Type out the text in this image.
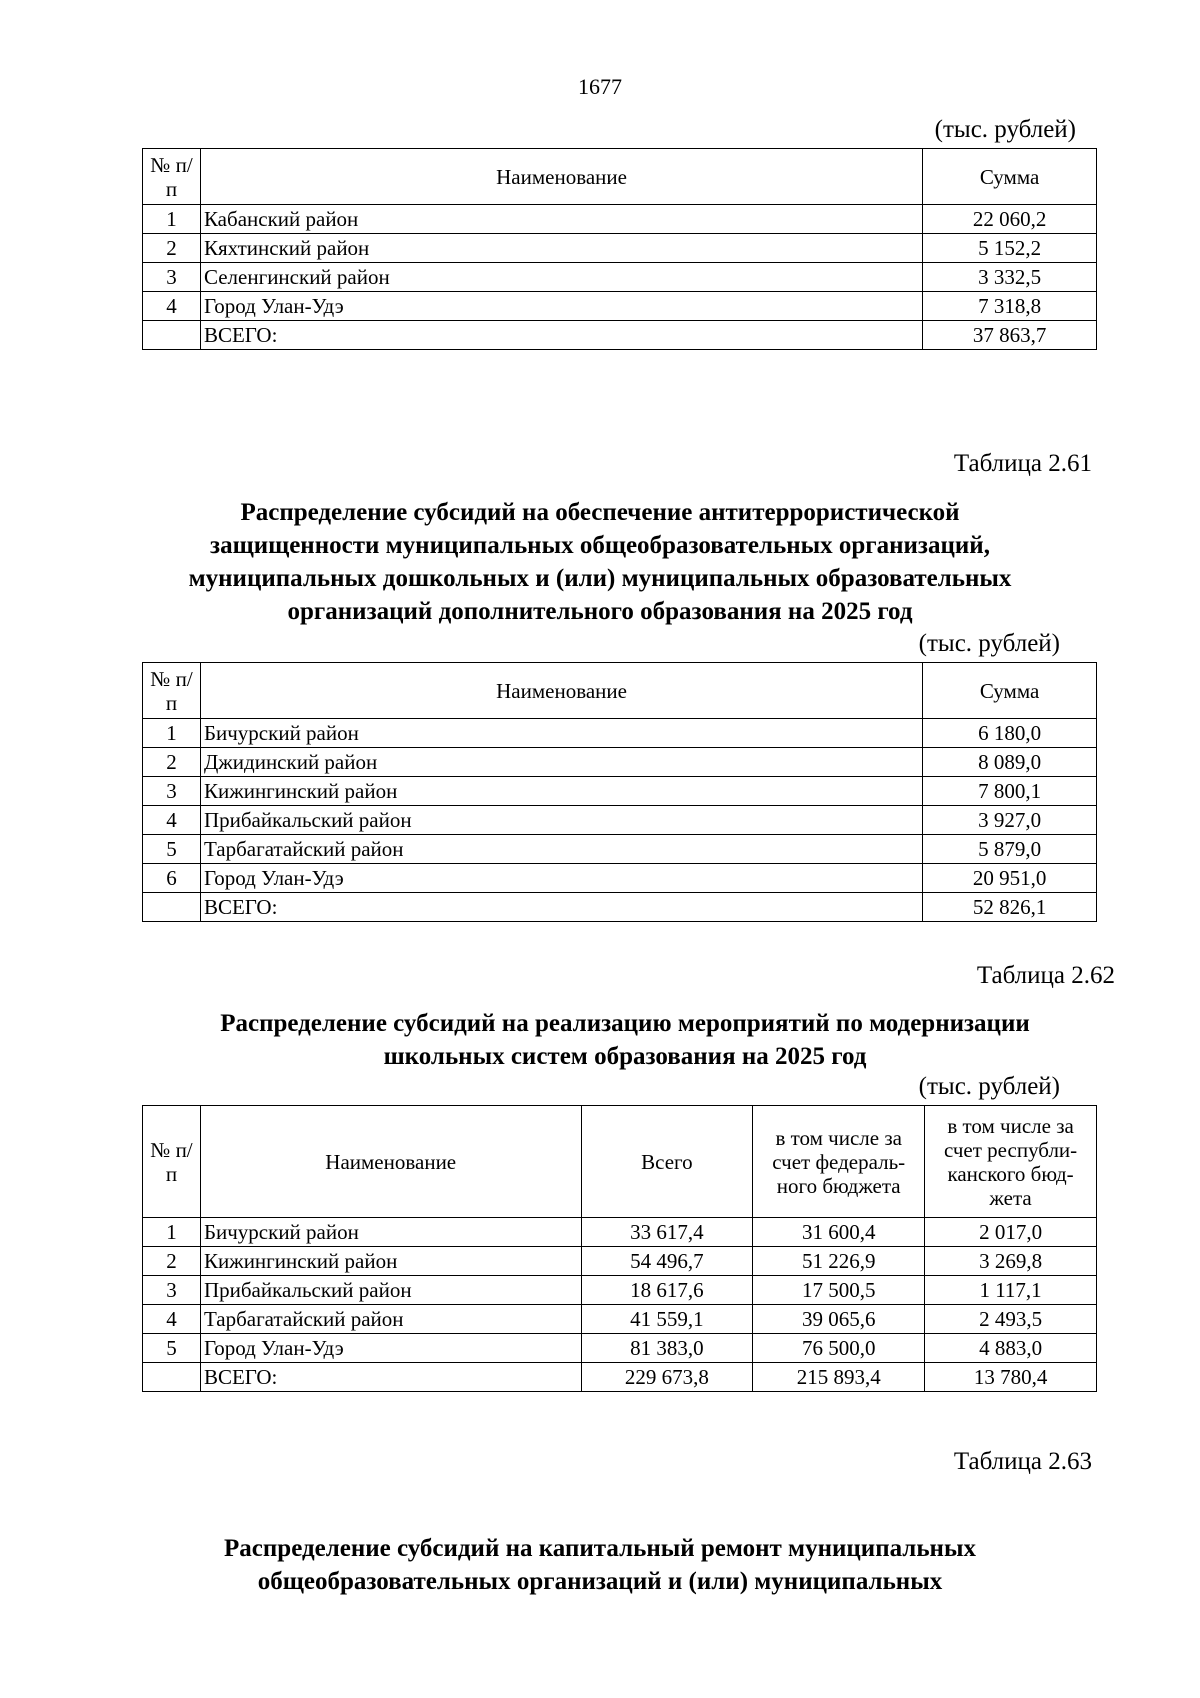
1677
(тыс. рублей)
№ п/п	Наименование	Сумма
1	Кабанский район	22 060,2
2	Кяхтинский район	5 152,2
3	Селенгинский район	3 332,5
4	Город Улан-Удэ	7 318,8
	ВСЕГО:	37 863,7
Таблица 2.61
Распределение субсидий на обеспечение антитеррористической
защищенности муниципальных общеобразовательных организаций,
муниципальных дошкольных и (или) муниципальных образовательных
организаций дополнительного образования на 2025 год
(тыс. рублей)
№ п/п	Наименование	Сумма
1	Бичурский район	6 180,0
2	Джидинский район	8 089,0
3	Кижингинский район	7 800,1
4	Прибайкальский район	3 927,0
5	Тарбагатайский район	5 879,0
6	Город Улан-Удэ	20 951,0
	ВСЕГО:	52 826,1
Таблица 2.62
Распределение субсидий на реализацию мероприятий по модернизации
школьных систем образования на 2025 год
(тыс. рублей)
№ п/п	Наименование	Всего	в том числе за счет федераль-ного бюджета	в том числе за счет республи-канского бюд-жета
1	Бичурский район	33 617,4	31 600,4	2 017,0
2	Кижингинский район	54 496,7	51 226,9	3 269,8
3	Прибайкальский район	18 617,6	17 500,5	1 117,1
4	Тарбагатайский район	41 559,1	39 065,6	2 493,5
5	Город Улан-Удэ	81 383,0	76 500,0	4 883,0
	ВСЕГО:	229 673,8	215 893,4	13 780,4
Таблица 2.63
Распределение субсидий на капитальный ремонт муниципальных
общеобразовательных организаций и (или) муниципальных
